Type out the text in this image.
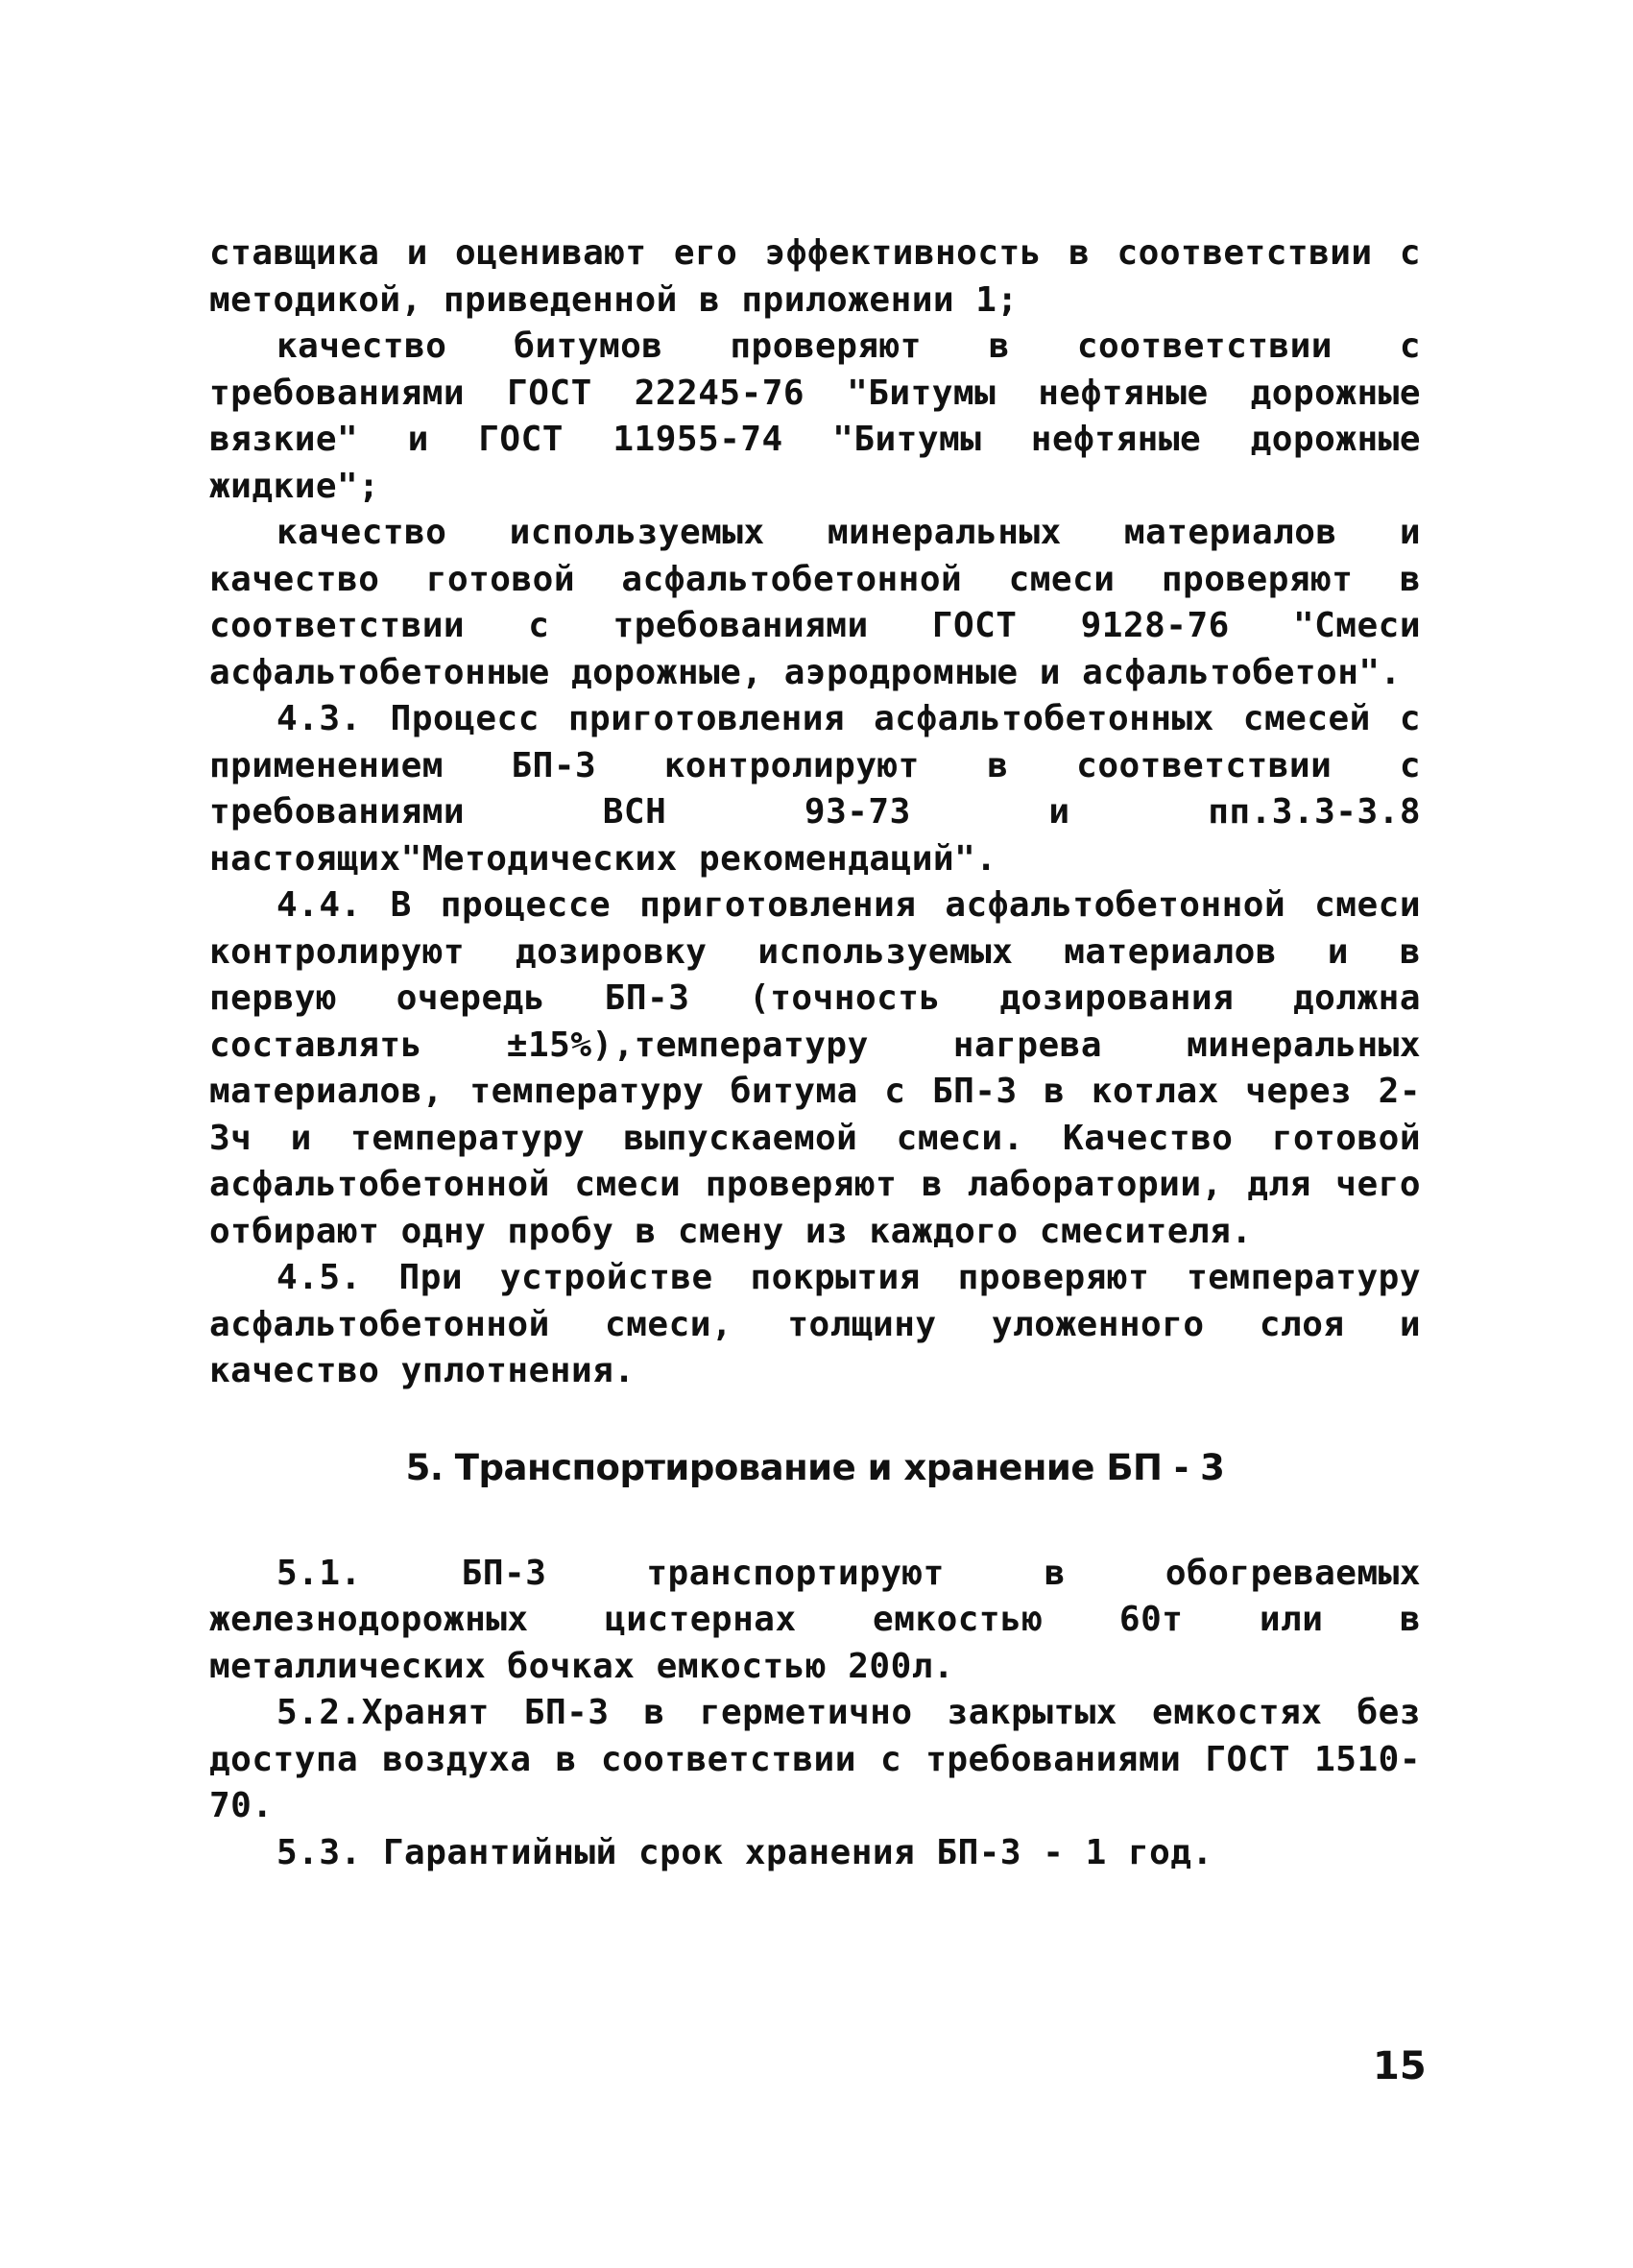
ставщика и оценивают его эффективность в соответствии с методикой, приведенной в приложении 1;

качество битумов проверяют в соответствии с требованиями ГОСТ 22245-76 "Битумы нефтяные дорожные вязкие" и ГОСТ 11955-74 "Битумы нефтяные дорожные жидкие";

качество используемых минеральных материалов и качество готовой асфальтобетонной смеси проверяют в соответствии с требованиями ГОСТ 9128-76 "Смеси асфальтобетонные дорожные, аэродромные и асфальтобетон".

4.3. Процесс приготовления асфальтобетонных смесей с применением БП-3 контролируют в соответствии с требованиями ВСН 93-73 и пп.3.3-3.8 настоящих"Методических рекомендаций".

4.4. В процессе приготовления асфальтобетонной смеси контролируют дозировку используемых материалов и в первую очередь БП-3 (точность дозирования должна составлять ±15%),температуру нагрева минеральных материалов, температуру битума с БП-3 в котлах через 2-3ч и температуру выпускаемой смеси. Качество готовой асфальтобетонной смеси проверяют в лаборатории, для чего отбирают одну пробу в смену из каждого смесителя.

4.5. При устройстве покрытия проверяют температуру асфальтобетонной смеси, толщину уложенного слоя и качество уплотнения.

5. Транспортирование и хранение БП - 3

5.1. БП-3 транспортируют в обогреваемых железнодорожных цистернах емкостью 60т или в металлических бочках емкостью 200л.

5.2.Хранят БП-3 в герметично закрытых емкостях без доступа воздуха в соответствии с требованиями ГОСТ 1510-70.

5.3. Гарантийный срок хранения БП-3 - 1 год.

15
